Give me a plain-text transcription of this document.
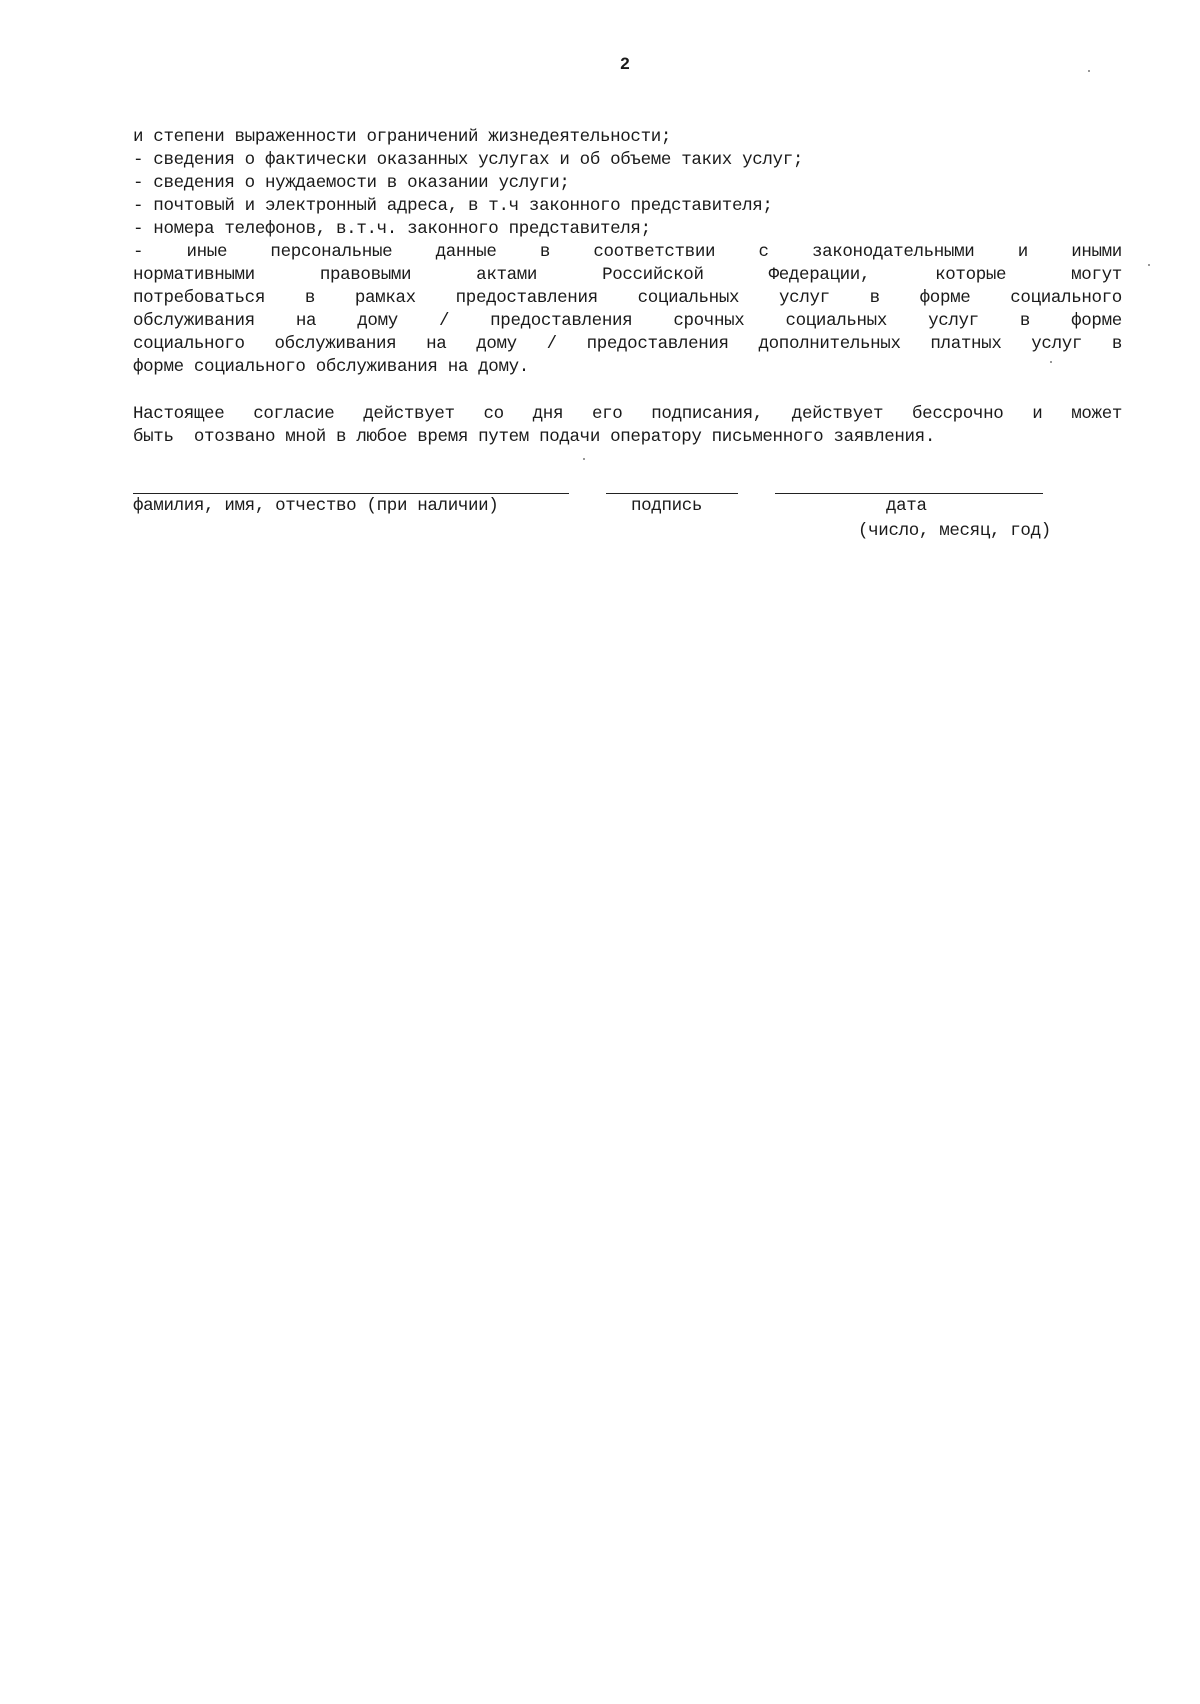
2
и степени выраженности ограничений жизнедеятельности;
- сведения о фактически оказанных услугах и об объеме таких услуг;
- сведения о нуждаемости в оказании услуги;
- почтовый и электронный адреса, в т.ч законного представителя;
- номера телефонов, в.т.ч. законного представителя;
- иные персональные данные в соответствии с законодательными и иными
нормативными	правовыми	актами	Российской	Федерации,	которые	могут
потребоваться в рамках предоставления социальных услуг в форме социального
обслуживания на дому / предоставления срочных социальных услуг в форме
социального обслуживания на дому / предоставления дополнительных платных услуг в
форме социального обслуживания на дому.
Настоящее согласие действует со дня его подписания, действует бессрочно и может
быть  отозвано мной в любое время путем подачи оператору письменного заявления.
фамилия, имя, отчество (при наличии)	подпись	дата
(число, месяц, год)
